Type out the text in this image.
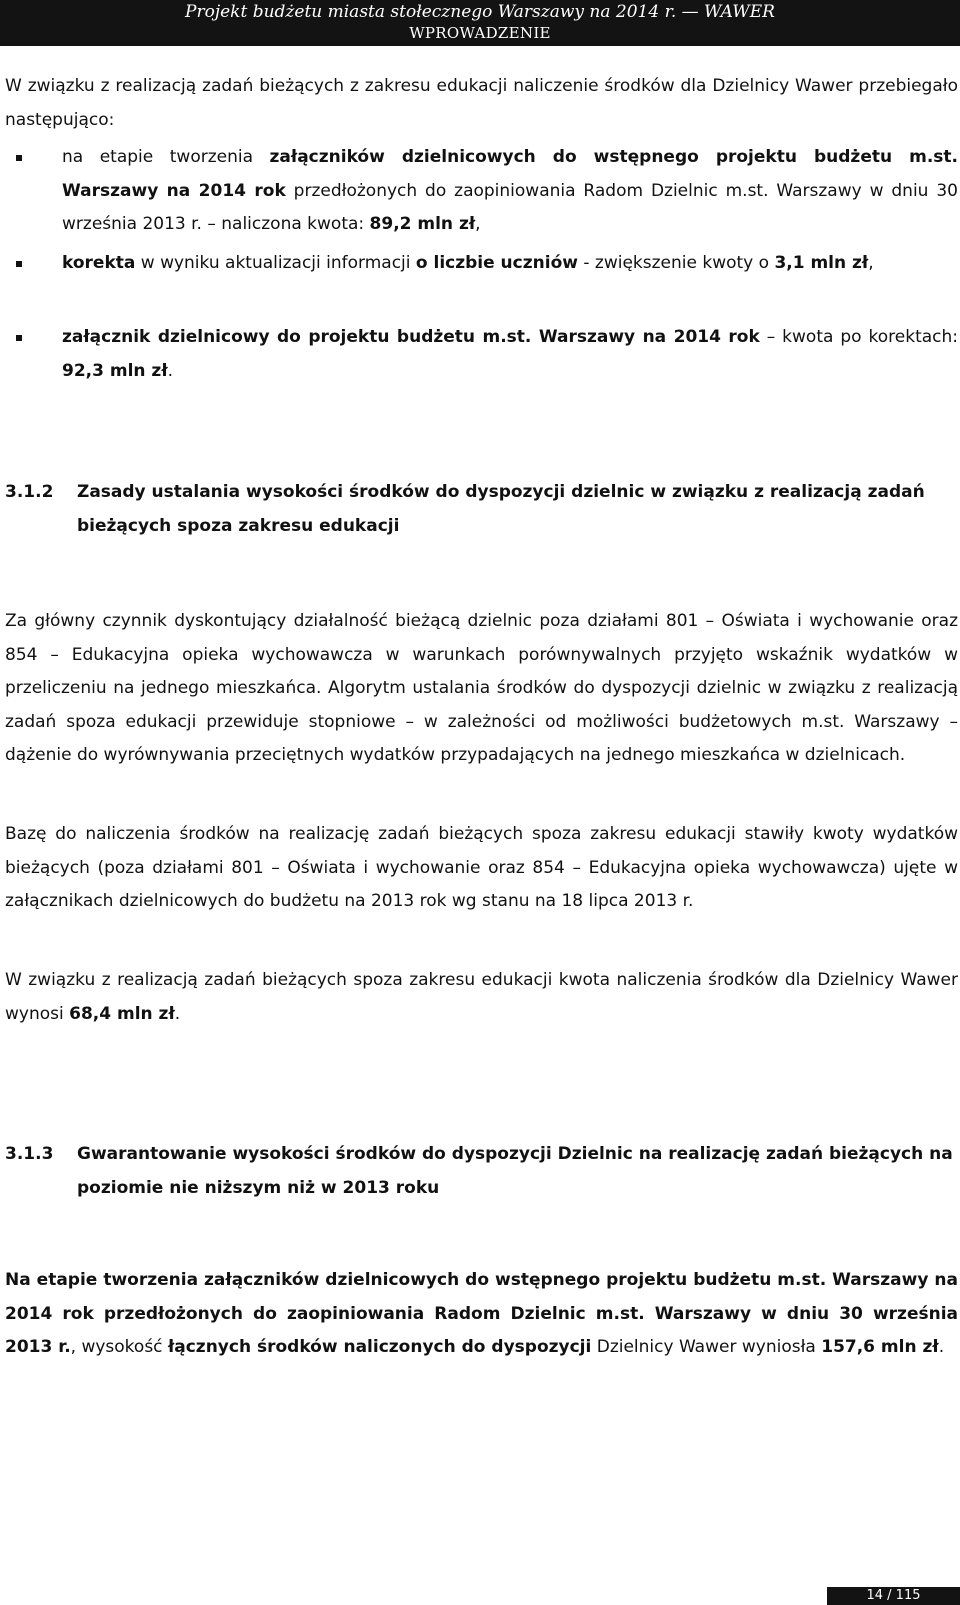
Projekt budżetu miasta stołecznego Warszawy na 2014 r. — WAWER
WPROWADZENIE

W związku z realizacją zadań bieżących z zakresu edukacji naliczenie środków dla Dzielnicy Wawer przebiegało następująco:

na etapie tworzenia załączników dzielnicowych do wstępnego projektu budżetu m.st. Warszawy na 2014 rok przedłożonych do zaopiniowania Radom Dzielnic m.st. Warszawy w dniu 30 września 2013 r. – naliczona kwota: 89,2 mln zł,
korekta w wyniku aktualizacji informacji o liczbie uczniów - zwiększenie kwoty o 3,1 mln zł,
załącznik dzielnicowy do projektu budżetu m.st. Warszawy na 2014 rok – kwota po korektach: 92,3 mln zł.
3.1.2 Zasady ustalania wysokości środków do dyspozycji dzielnic w związku z realizacją zadań bieżących spoza zakresu edukacji

Za główny czynnik dyskontujący działalność bieżącą dzielnic poza działami 801 – Oświata i wychowanie oraz 854 – Edukacyjna opieka wychowawcza w warunkach porównywalnych przyjęto wskaźnik wydatków w przeliczeniu na jednego mieszkańca. Algorytm ustalania środków do dyspozycji dzielnic w związku z realizacją zadań spoza edukacji przewiduje stopniowe – w zależności od możliwości budżetowych m.st. Warszawy – dążenie do wyrównywania przeciętnych wydatków przypadających na jednego mieszkańca w dzielnicach.

Bazę do naliczenia środków na realizację zadań bieżących spoza zakresu edukacji stawiły kwoty wydatków bieżących (poza działami 801 – Oświata i wychowanie oraz 854 – Edukacyjna opieka wychowawcza) ujęte w załącznikach dzielnicowych do budżetu na 2013 rok wg stanu na 18 lipca 2013 r.

W związku z realizacją zadań bieżących spoza zakresu edukacji kwota naliczenia środków dla Dzielnicy Wawer wynosi 68,4 mln zł.

3.1.3 Gwarantowanie wysokości środków do dyspozycji Dzielnic na realizację zadań bieżących na poziomie nie niższym niż w 2013 roku

Na etapie tworzenia załączników dzielnicowych do wstępnego projektu budżetu m.st. Warszawy na 2014 rok przedłożonych do zaopiniowania Radom Dzielnic m.st. Warszawy w dniu 30 września 2013 r., wysokość łącznych środków naliczonych do dyspozycji Dzielnicy Wawer wyniosła 157,6 mln zł.

14 / 115
